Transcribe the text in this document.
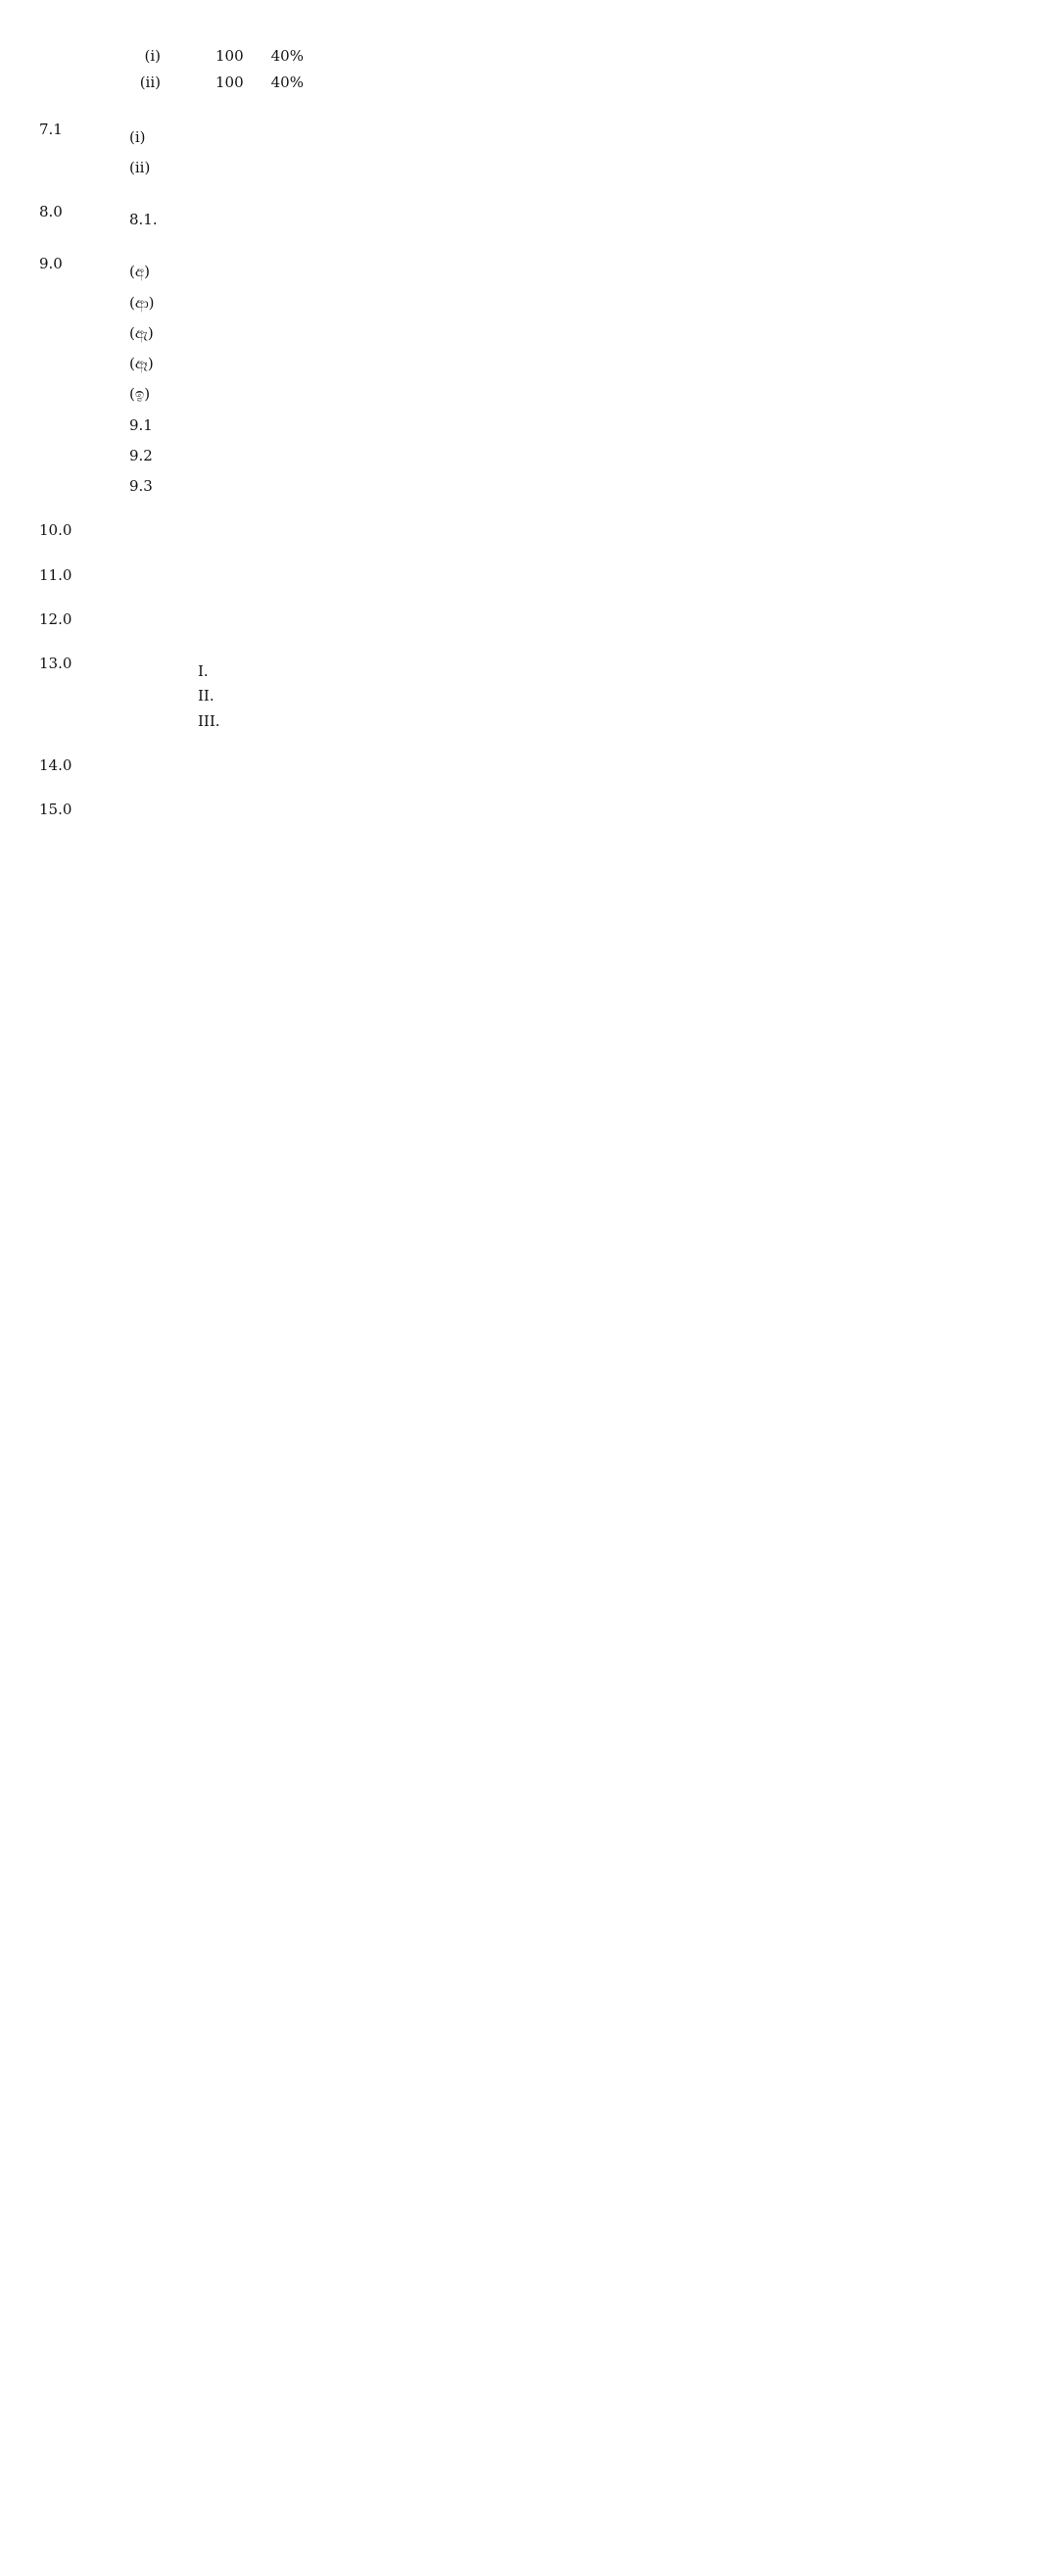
(i)		100	40%	
(ii)		100	40%	
7.1	(i)
(ii)
8.0	8.1.
9.0	(අ)
(ආ)
(ඇ)
(ඈ)
(ඉ)
9.1
9.2
9.3
10.0
11.0
12.0
13.0	I.
II.
III.
14.0
15.0
